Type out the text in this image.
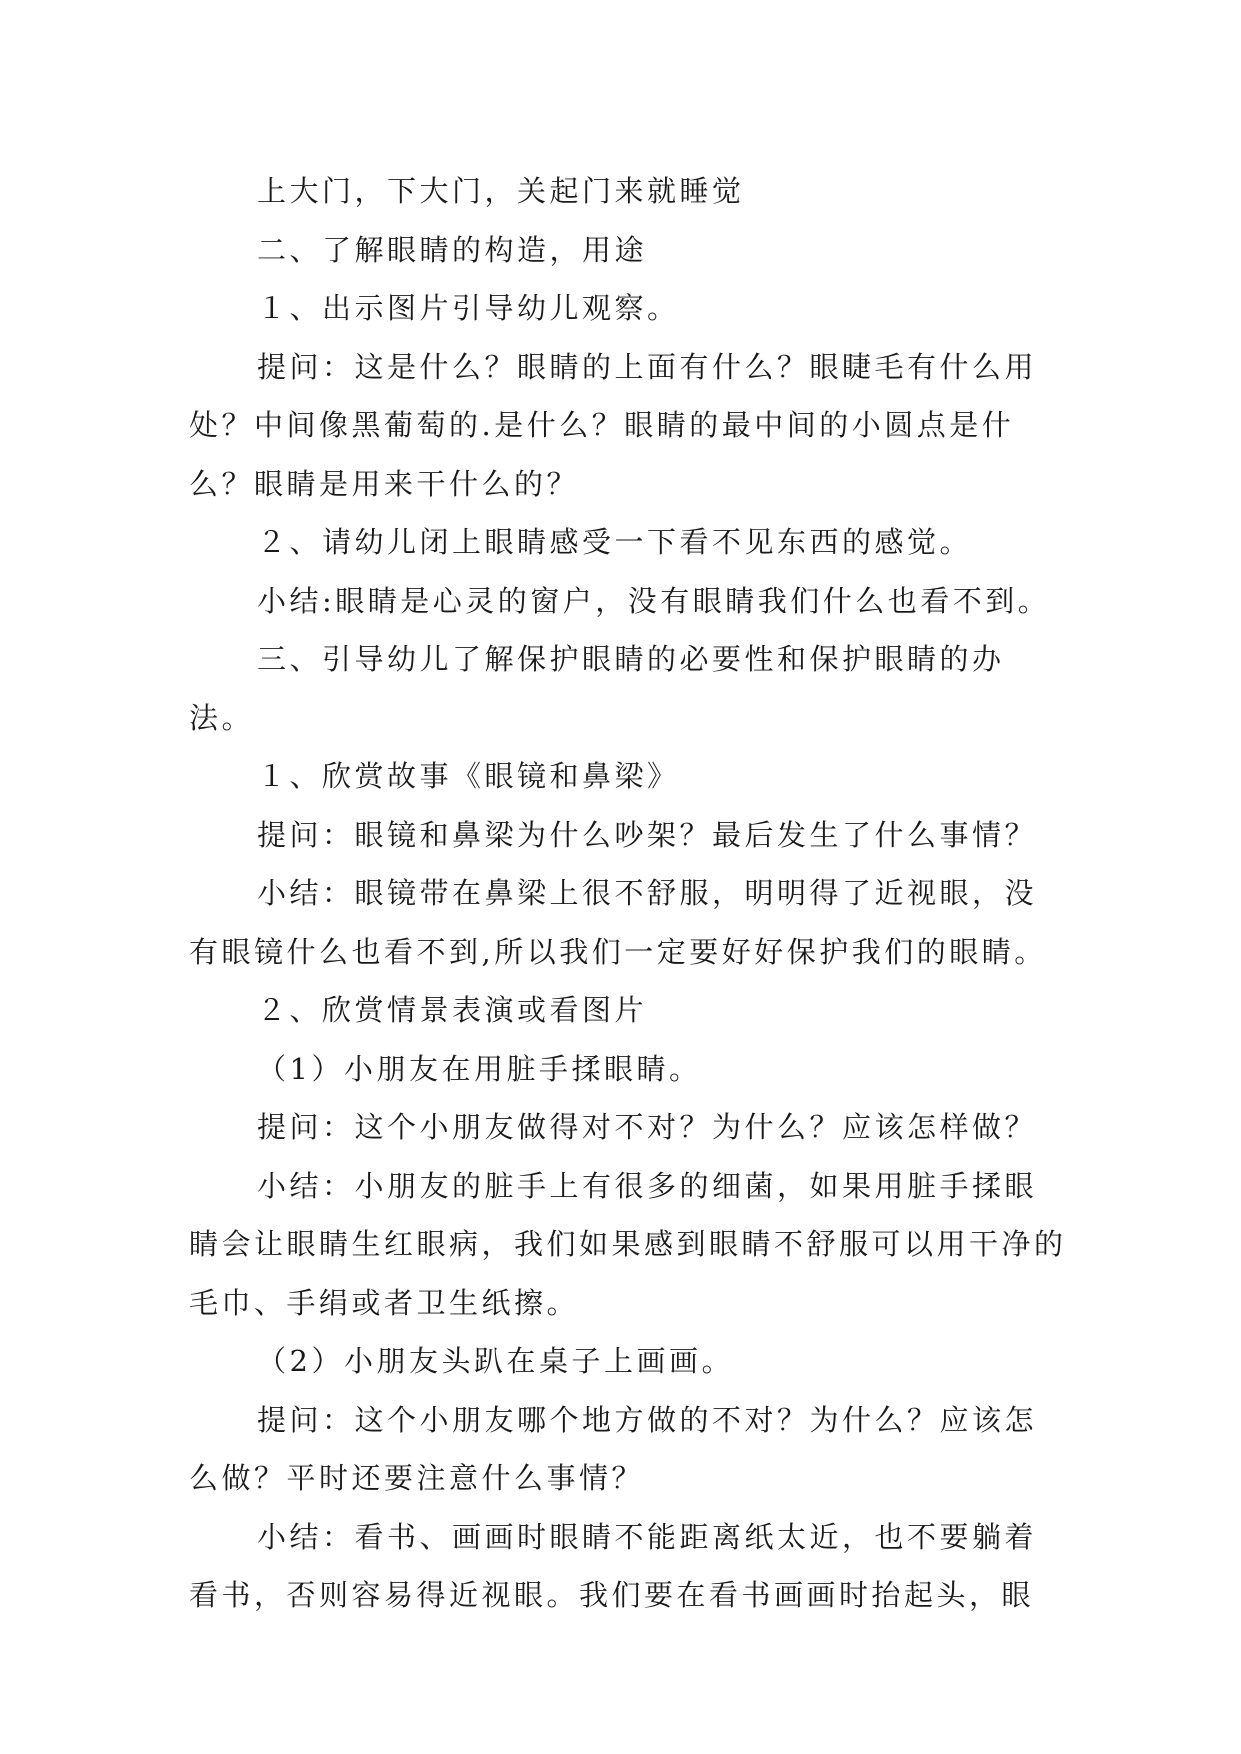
上大门，下大门，关起门来就睡觉

二、了解眼睛的构造，用途

１、出示图片引导幼儿观察。

提问：这是什么？眼睛的上面有什么？眼睫毛有什么用处？中间像黑葡萄的.是什么？眼睛的最中间的小圆点是什么？眼睛是用来干什么的？

２、请幼儿闭上眼睛感受一下看不见东西的感觉。

小结:眼睛是心灵的窗户，没有眼睛我们什么也看不到。

三、引导幼儿了解保护眼睛的必要性和保护眼睛的办法。

１、欣赏故事《眼镜和鼻梁》

提问：眼镜和鼻梁为什么吵架？最后发生了什么事情？

小结：眼镜带在鼻梁上很不舒服，明明得了近视眼，没有眼镜什么也看不到,所以我们一定要好好保护我们的眼睛。

２、欣赏情景表演或看图片

（1）小朋友在用脏手揉眼睛。

提问：这个小朋友做得对不对？为什么？应该怎样做？

小结：小朋友的脏手上有很多的细菌，如果用脏手揉眼睛会让眼睛生红眼病，我们如果感到眼睛不舒服可以用干净的毛巾、手绢或者卫生纸擦。

（2）小朋友头趴在桌子上画画。

提问：这个小朋友哪个地方做的不对？为什么？应该怎么做？平时还要注意什么事情？

小结：看书、画画时眼睛不能距离纸太近，也不要躺着看书，否则容易得近视眼。我们要在看书画画时抬起头，眼
